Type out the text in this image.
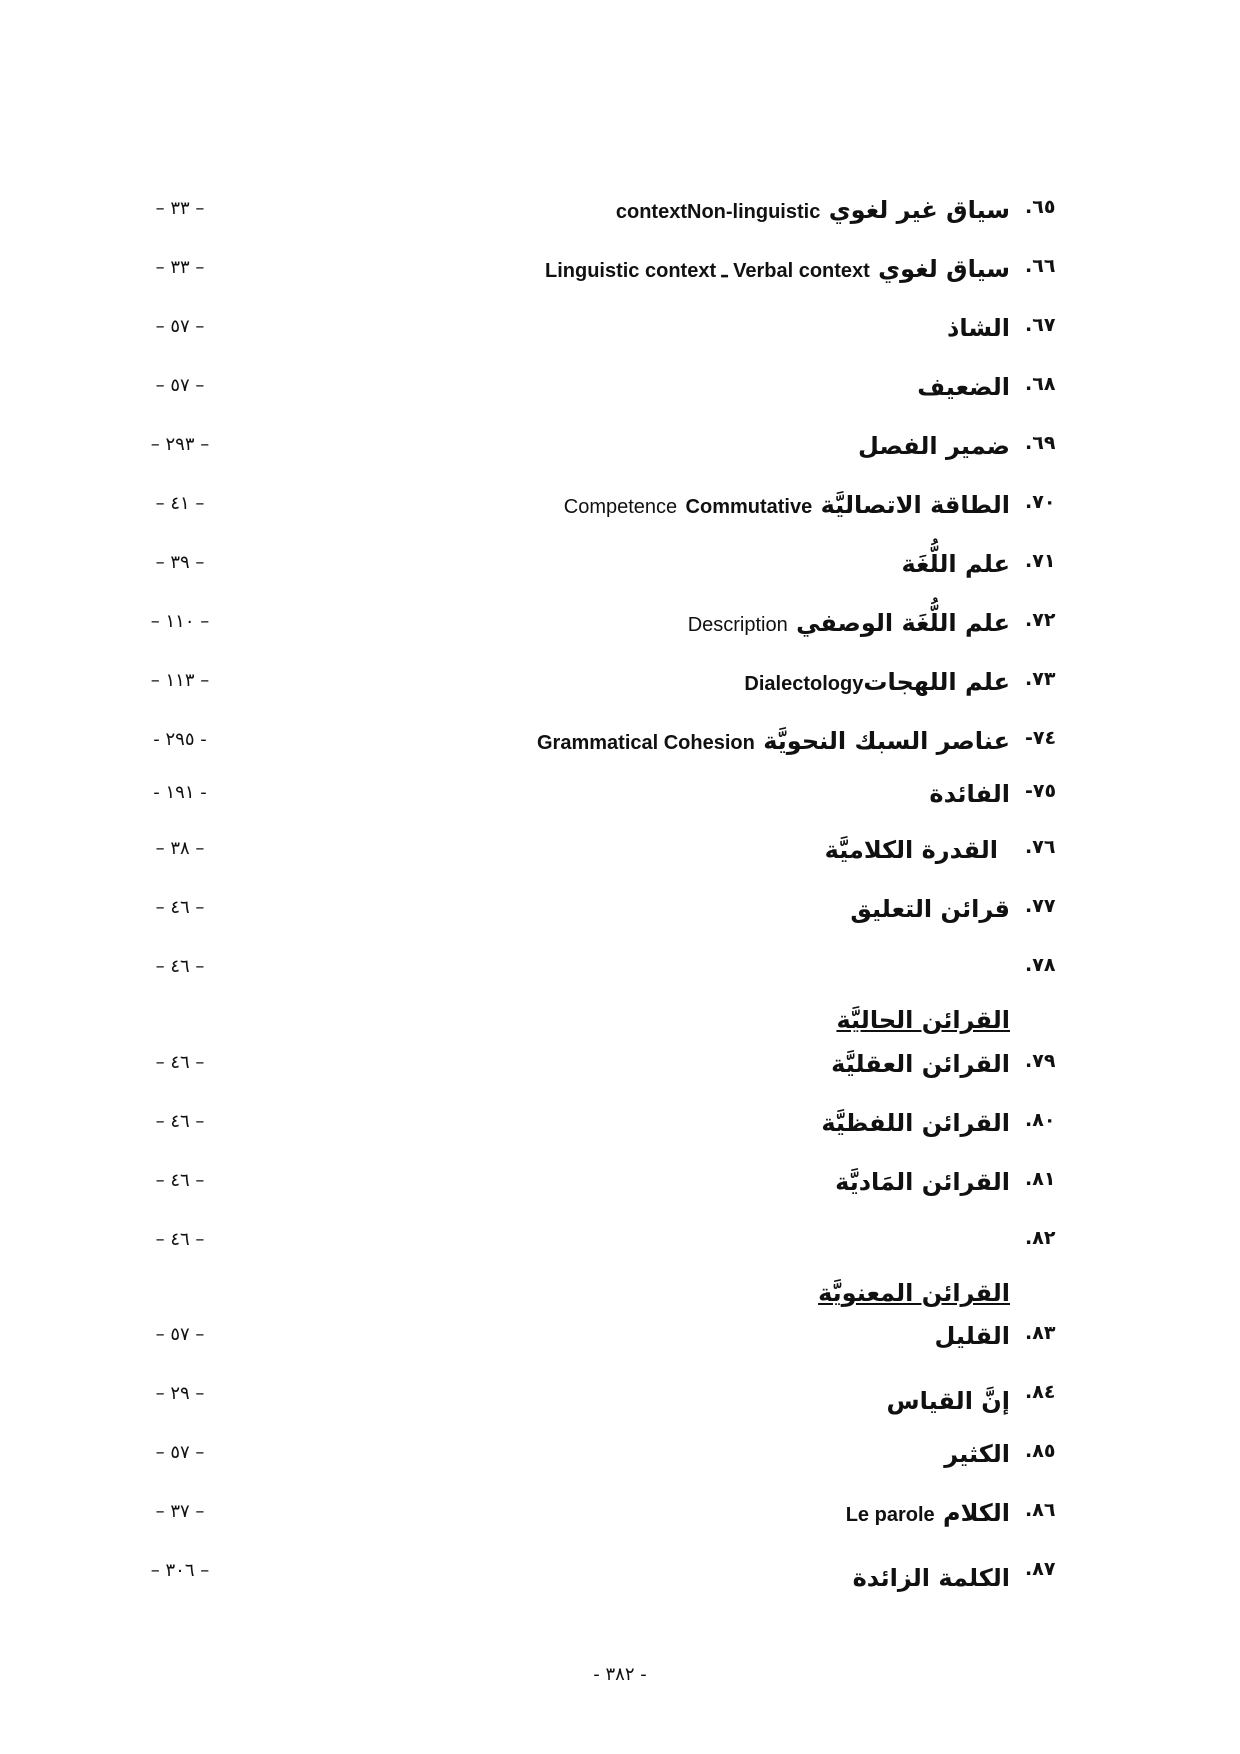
٦٥.
سياق غير لغوي contextNon-linguistic
– ٣٣ –
٦٦.
سياق لغوي Verbal context ـ Linguistic context
– ٣٣ –
٦٧.
الشاذ
– ٥٧ –
٦٨.
الضعيف
– ٥٧ –
٦٩.
ضمير الفصل
– ٢٩٣ –
٧٠.
الطاقة الاتصاليَّة Competence Commutative
– ٤١ –
٧١.
علم اللُّغَة
– ٣٩ –
٧٢.
علم اللُّغَة الوصفي Description
– ١١٠ –
٧٣.
علم اللهجاتDialectology
– ١١٣ –
٧٤-
عناصر السبك النحويَّة Grammatical Cohesion
- ٢٩٥ -
٧٥-
الفائدة
- ١٩١ -
٧٦.
القدرة الكلاميَّة
– ٣٨ –
٧٧.
قرائن التعليق
– ٤٦ –
٧٨.
القرائن الحاليَّة
– ٤٦ –
٧٩.
القرائن العقليَّة
– ٤٦ –
٨٠.
القرائن اللفظيَّة
– ٤٦ –
٨١.
القرائن المَاديَّة
– ٤٦ –
٨٢.
القرائن المعنويَّة
– ٤٦ –
٨٣.
القليل
– ٥٧ –
٨٤.
إنَّ القياس
– ٢٩ –
٨٥.
الكثير
– ٥٧ –
٨٦.
الكلام Le parole
– ٣٧ –
٨٧.
الكلمة الزائدة
– ٣٠٦ –
- ٣٨٢ -
